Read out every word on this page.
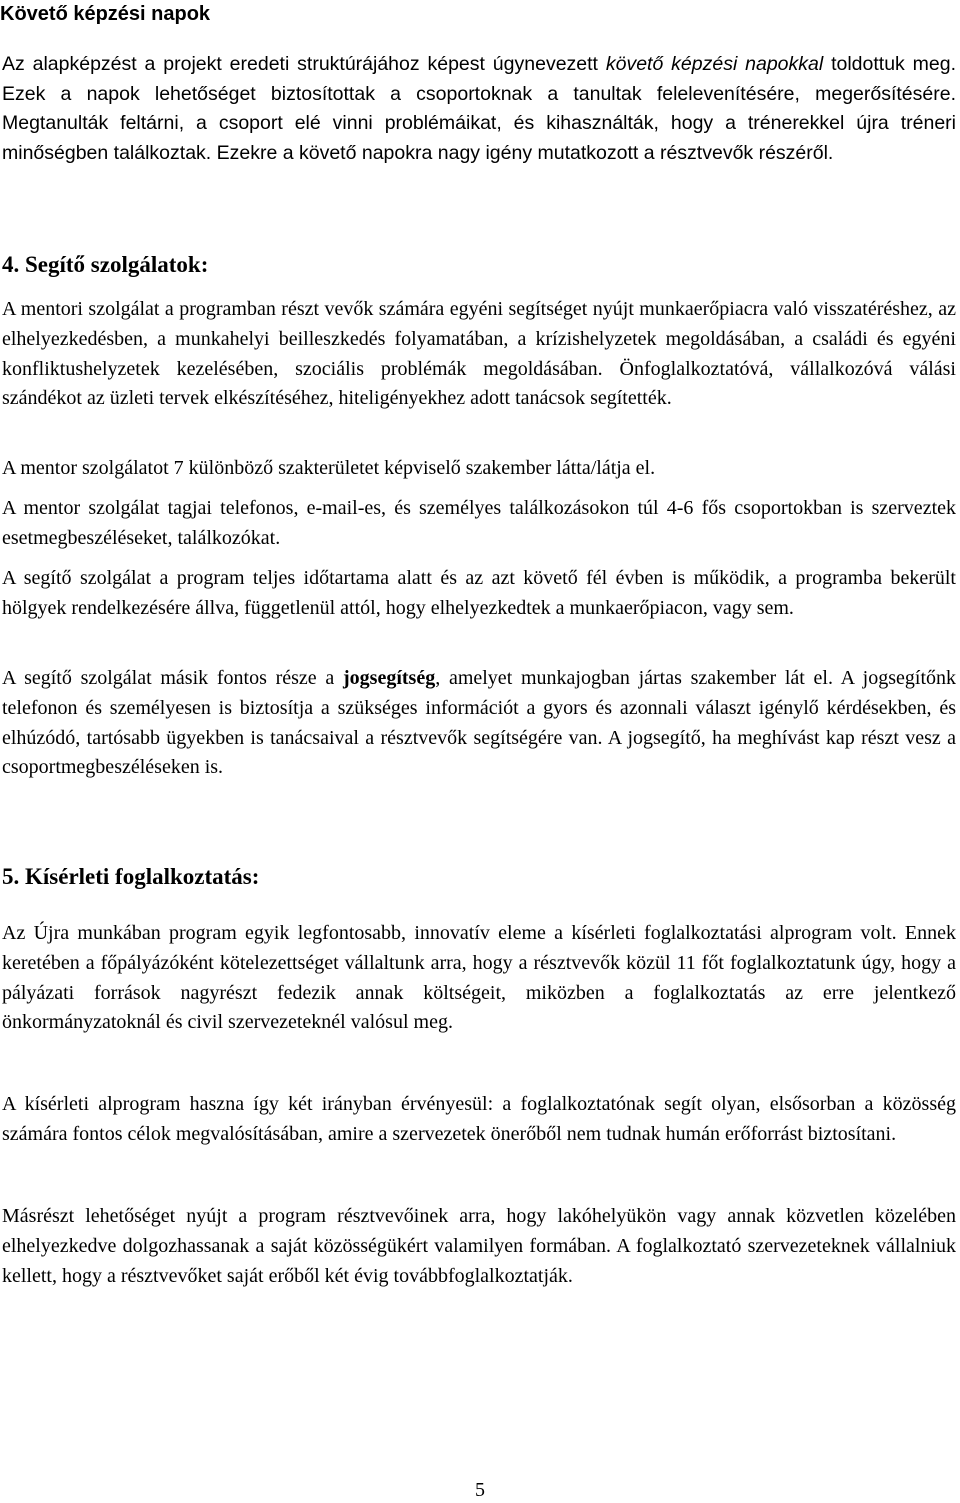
Követő képzési napok

Az alapképzést a projekt eredeti struktúrájához képest úgynevezett követő képzési napokkal toldottuk meg. Ezek a napok lehetőséget biztosítottak a csoportoknak a tanultak felelevenítésére, megerősítésére. Megtanulták feltárni, a csoport elé vinni problémáikat, és kihasználták, hogy a trénerekkel újra tréneri minőségben találkoztak. Ezekre a követő napokra nagy igény mutatkozott a résztvevők részéről.

4. Segítő szolgálatok:

A mentori szolgálat a programban részt vevők számára egyéni segítséget nyújt munkaerőpiacra való visszatéréshez, az elhelyezkedésben, a munkahelyi beilleszkedés folyamatában, a krízishelyzetek megoldásában, a családi és egyéni konfliktushelyzetek kezelésében, szociális problémák megoldásában. Önfoglalkoztatóvá, vállalkozóvá válási szándékot az üzleti tervek elkészítéséhez, hiteligényekhez adott tanácsok segítették.

A mentor szolgálatot 7 különböző szakterületet képviselő szakember látta/látja el.

A mentor szolgálat tagjai telefonos, e-mail-es, és személyes találkozásokon túl 4-6 fős csoportokban is szerveztek esetmegbeszéléseket, találkozókat.

A segítő szolgálat a program teljes időtartama alatt és az azt követő fél évben is működik, a programba bekerült hölgyek rendelkezésére állva, függetlenül attól, hogy elhelyezkedtek a munkaerőpiacon, vagy sem.

A segítő szolgálat másik fontos része a jogsegítség, amelyet munkajogban jártas szakember lát el. A jogsegítőnk telefonon és személyesen is biztosítja a szükséges információt a gyors és azonnali választ igénylő kérdésekben, és elhúzódó, tartósabb ügyekben is tanácsaival a résztvevők segítségére van. A jogsegítő, ha meghívást kap részt vesz a csoportmegbeszéléseken is.

5. Kísérleti foglalkoztatás:

Az Újra munkában program egyik legfontosabb, innovatív eleme a kísérleti foglalkoztatási alprogram volt. Ennek keretében a főpályázóként kötelezettséget vállaltunk arra, hogy a résztvevők közül 11 főt foglalkoztatunk úgy, hogy a pályázati források nagyrészt fedezik annak költségeit, miközben a foglalkoztatás az erre jelentkező önkormányzatoknál és civil szervezeteknél valósul meg.

A kísérleti alprogram haszna így két irányban érvényesül: a foglalkoztatónak segít olyan, elsősorban a közösség számára fontos célok megvalósításában, amire a szervezetek önerőből nem tudnak humán erőforrást biztosítani.

Másrészt lehetőséget nyújt a program résztvevőinek arra, hogy lakóhelyükön vagy annak közvetlen közelében elhelyezkedve dolgozhassanak a saját közösségükért valamilyen formában. A foglalkoztató szervezeteknek vállalniuk kellett, hogy a résztvevőket saját erőből két évig továbbfoglalkoztatják.

5
